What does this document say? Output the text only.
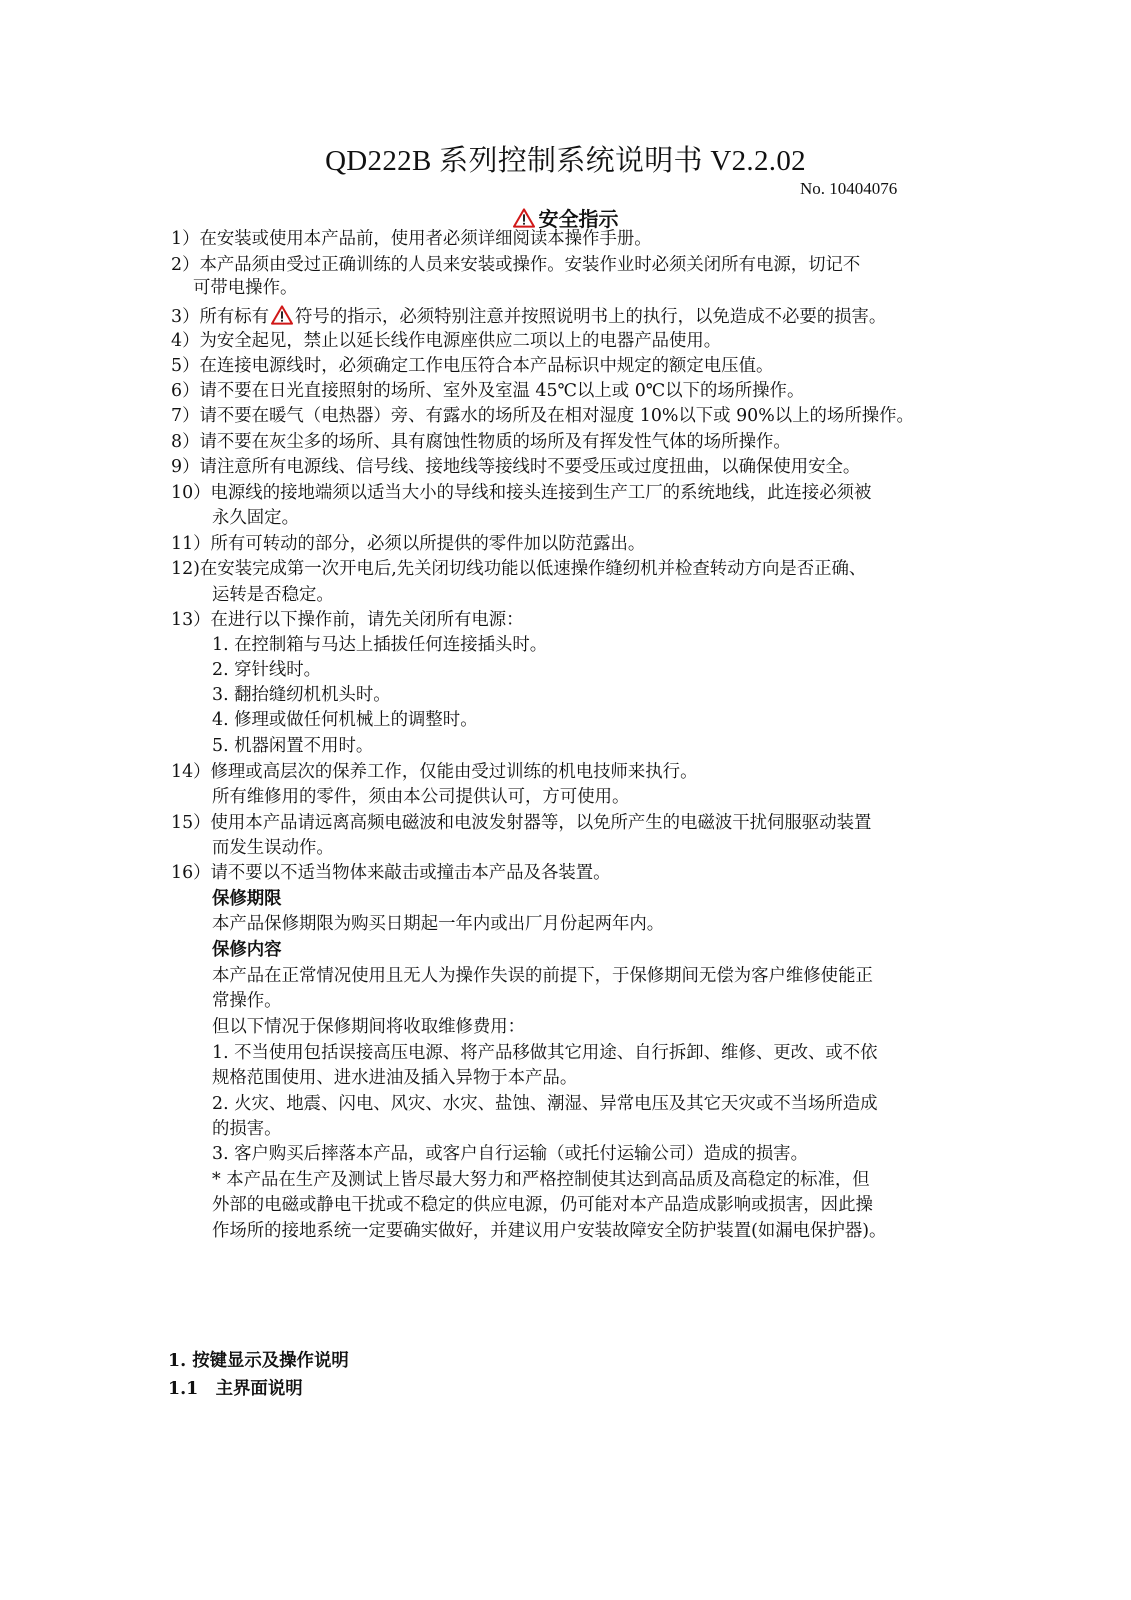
QD222B 系列控制系统说明书 V2.2.02
No. 10404076
安全指示
1）在安装或使用本产品前，使用者必须详细阅读本操作手册。
2）本产品须由受过正确训练的人员来安装或操作。安装作业时必须关闭所有电源，切记不
可带电操作。
3）所有标有 符号的指示，必须特别注意并按照说明书上的执行，以免造成不必要的损害。
4）为安全起见，禁止以延长线作电源座供应二项以上的电器产品使用。
5）在连接电源线时，必须确定工作电压符合本产品标识中规定的额定电压值。
6）请不要在日光直接照射的场所、室外及室温 45℃以上或 0℃以下的场所操作。
7）请不要在暖气（电热器）旁、有露水的场所及在相对湿度 10%以下或 90%以上的场所操作。
8）请不要在灰尘多的场所、具有腐蚀性物质的场所及有挥发性气体的场所操作。
9）请注意所有电源线、信号线、接地线等接线时不要受压或过度扭曲，以确保使用安全。
10）电源线的接地端须以适当大小的导线和接头连接到生产工厂的系统地线，此连接必须被
永久固定。
11）所有可转动的部分，必须以所提供的零件加以防范露出。
12)在安装完成第一次开电后,先关闭切线功能以低速操作缝纫机并检查转动方向是否正确、
运转是否稳定。
13）在进行以下操作前，请先关闭所有电源：
1. 在控制箱与马达上插拔任何连接插头时。
2. 穿针线时。
3. 翻抬缝纫机机头时。
4. 修理或做任何机械上的调整时。
5. 机器闲置不用时。
14）修理或高层次的保养工作，仅能由受过训练的机电技师来执行。
所有维修用的零件，须由本公司提供认可，方可使用。
15）使用本产品请远离高频电磁波和电波发射器等，以免所产生的电磁波干扰伺服驱动装置
而发生误动作。
16）请不要以不适当物体来敲击或撞击本产品及各装置。
保修期限
本产品保修期限为购买日期起一年内或出厂月份起两年内。
保修内容
本产品在正常情况使用且无人为操作失误的前提下，于保修期间无偿为客户维修使能正
常操作。
但以下情况于保修期间将收取维修费用：
1. 不当使用包括误接高压电源、将产品移做其它用途、自行拆卸、维修、更改、或不依
规格范围使用、进水进油及插入异物于本产品。
2. 火灾、地震、闪电、风灾、水灾、盐蚀、潮湿、异常电压及其它天灾或不当场所造成
的损害。
3. 客户购买后摔落本产品，或客户自行运输（或托付运输公司）造成的损害。
* 本产品在生产及测试上皆尽最大努力和严格控制使其达到高品质及高稳定的标准，但
外部的电磁或静电干扰或不稳定的供应电源，仍可能对本产品造成影响或损害，因此操
作场所的接地系统一定要确实做好，并建议用户安装故障安全防护装置(如漏电保护器)。
1. 按键显示及操作说明
1.1　主界面说明
